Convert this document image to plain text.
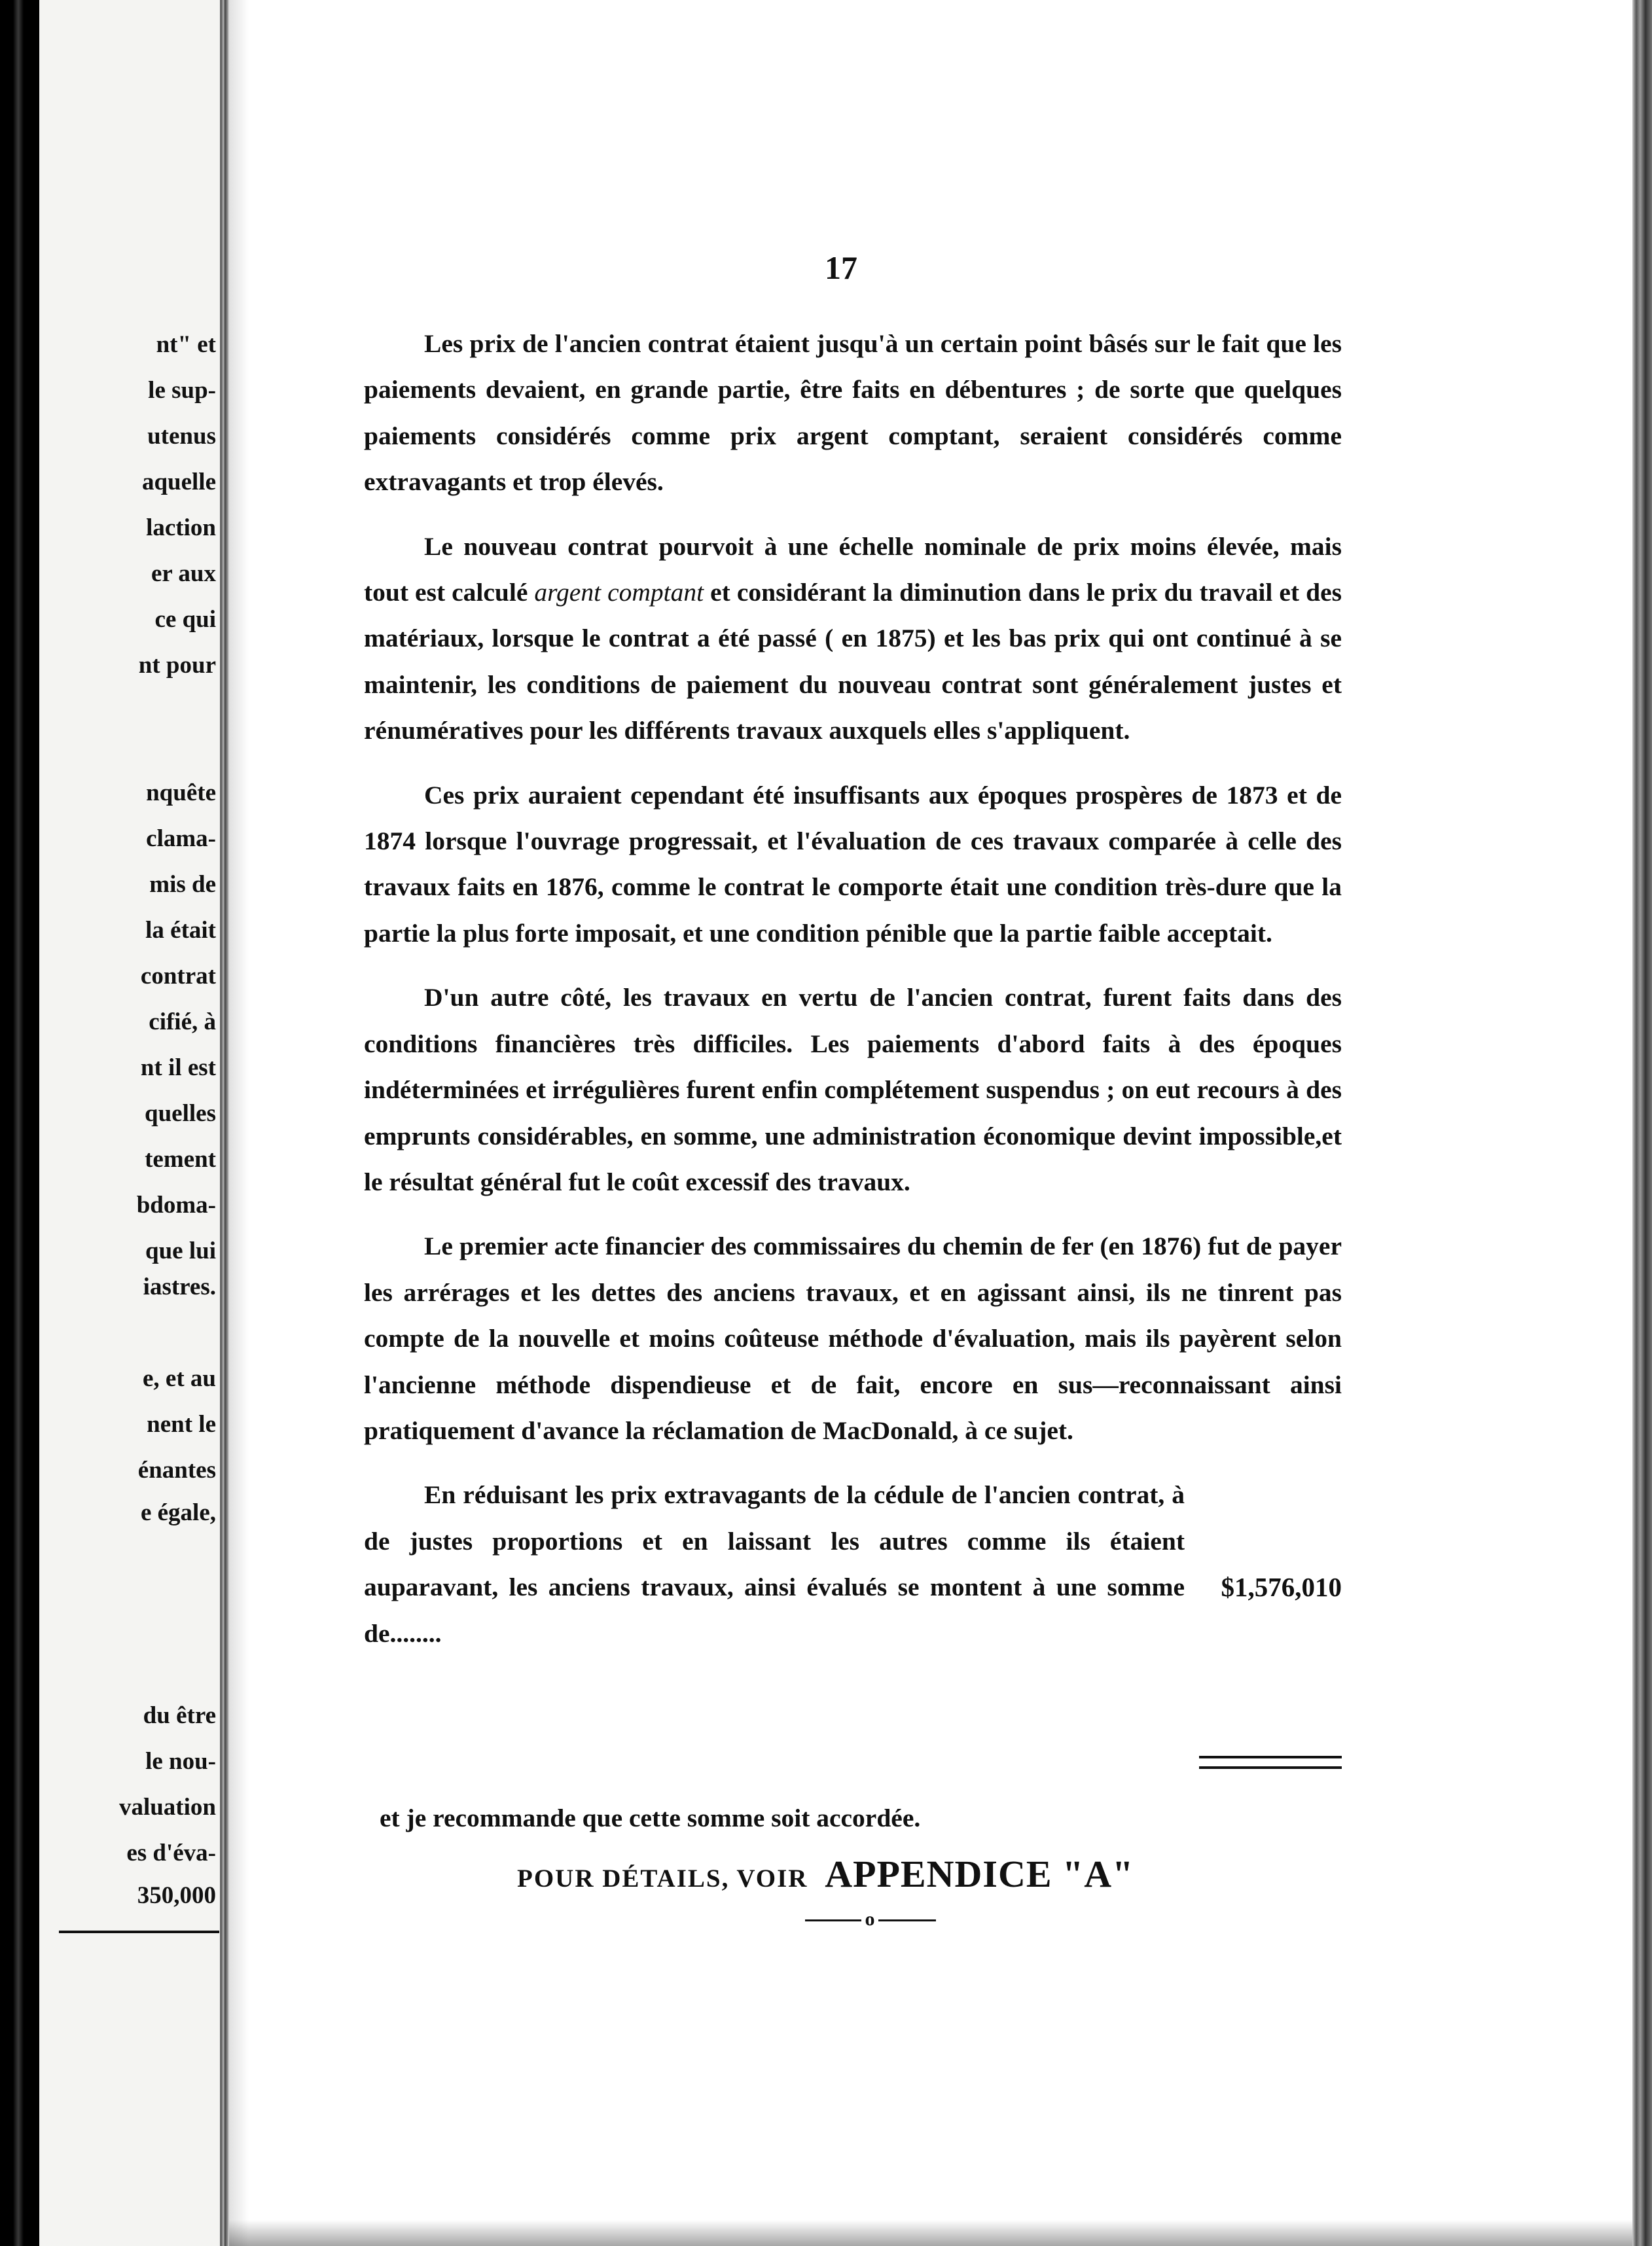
nt" et
le sup-
utenus
aquelle
laction
er aux
ce qui
nt pour
nquête
clama-
mis de
la était
contrat
cifié, à
nt il est
quelles
tement
bdoma-
que lui
iastres.
e, et au
nent le
énantes
e égale,
du être
le nou-
valuation
es d'éva-
350,000
17

Les prix de l'ancien contrat étaient jusqu'à un certain point bâsés sur le fait que les paiements devaient, en grande partie, être faits en débentures ; de sorte que quelques paiements considérés comme prix argent comptant, seraient considérés comme extravagants et trop élevés.

Le nouveau contrat pourvoit à une échelle nominale de prix moins élevée, mais tout est calculé argent comptant et considérant la diminution dans le prix du travail et des matériaux, lorsque le contrat a été passé ( en 1875) et les bas prix qui ont continué à se maintenir, les conditions de paiement du nouveau contrat sont généralement justes et rénumératives pour les différents travaux auxquels elles s'appliquent.

Ces prix auraient cependant été insuffisants aux époques prospères de 1873 et de 1874 lorsque l'ouvrage progressait, et l'évaluation de ces travaux comparée à celle des travaux faits en 1876, comme le contrat le comporte était une condition très-dure que la partie la plus forte imposait, et une condition pénible que la partie faible acceptait.

D'un autre côté, les travaux en vertu de l'ancien contrat, furent faits dans des conditions financières très difficiles. Les paiements d'abord faits à des époques indéterminées et irrégulières furent enfin complétement suspendus ; on eut recours à des emprunts considérables, en somme, une administration économique devint impossible,et le résultat général fut le coût excessif des travaux.

Le premier acte financier des commissaires du chemin de fer (en 1876) fut de payer les arrérages et les dettes des anciens travaux, et en agissant ainsi, ils ne tinrent pas compte de la nouvelle et moins coûteuse méthode d'évaluation, mais ils payèrent selon l'ancienne méthode dispendieuse et de fait, encore en sus—reconnaissant ainsi pratiquement d'avance la réclamation de MacDonald, à ce sujet.

En réduisant les prix extravagants de la cédule de l'ancien contrat, à de justes proportions et en laissant les autres comme ils étaient auparavant, les anciens travaux, ainsi évalués se montent à une somme de........

$1,576,010
et je recommande que cette somme soit accordée.
POUR DÉTAILS, VOIR APPENDICE "A"
o
